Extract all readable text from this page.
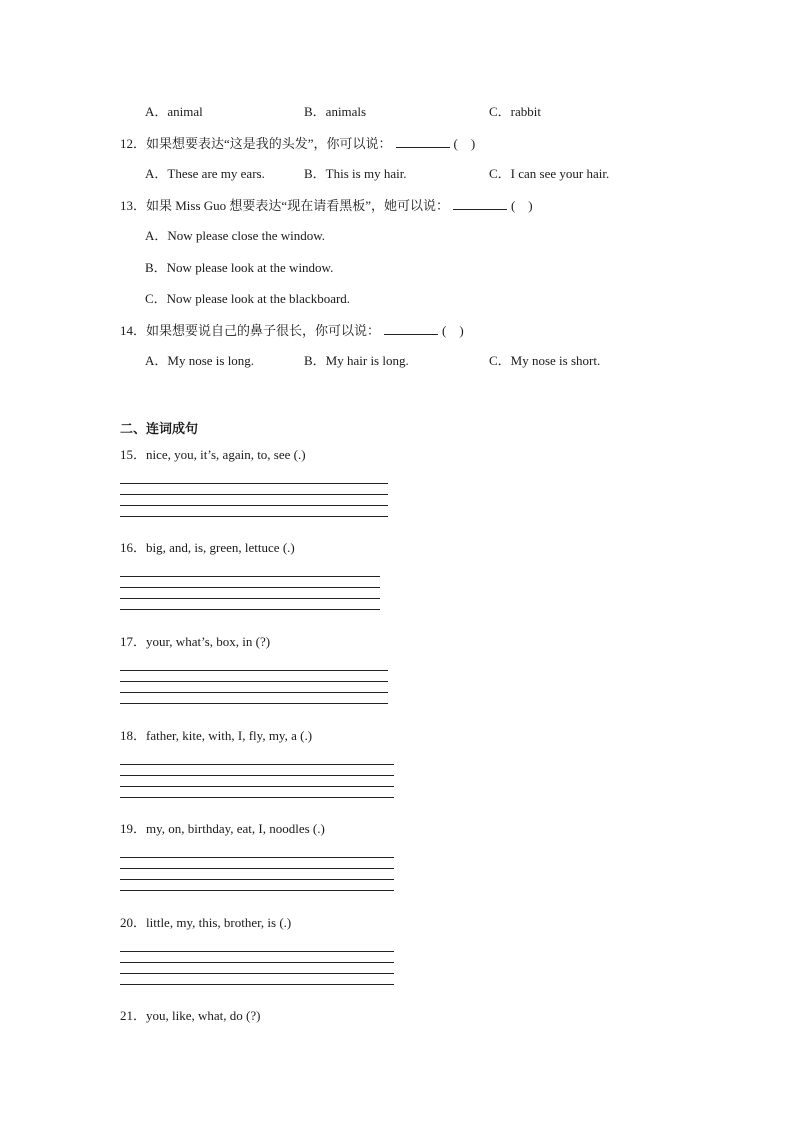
A．animal	B．animals	C．rabbit
12．如果想要表达“这是我的头发”，你可以说：	(　)
A．These are my ears.	B．This is my hair.	C．I can see your hair.
13．如果 Miss Guo 想要表达“现在请看黑板”，她可以说：	(　)
A．Now please close the window.
B．Now please look at the window.
C．Now please look at the blackboard.
14．如果想要说自己的鼻子很长，你可以说：	(　)
A．My nose is long.	B．My hair is long.	C．My nose is short.
二、连词成句
15．nice, you, it’s, again, to, see (.)
16．big, and, is, green, lettuce (.)
17．your, what’s, box, in (?)
18．father, kite, with, I, fly, my, a (.)
19．my, on, birthday, eat, I, noodles (.)
20．little, my, this, brother, is (.)
21．you, like, what, do (?)
